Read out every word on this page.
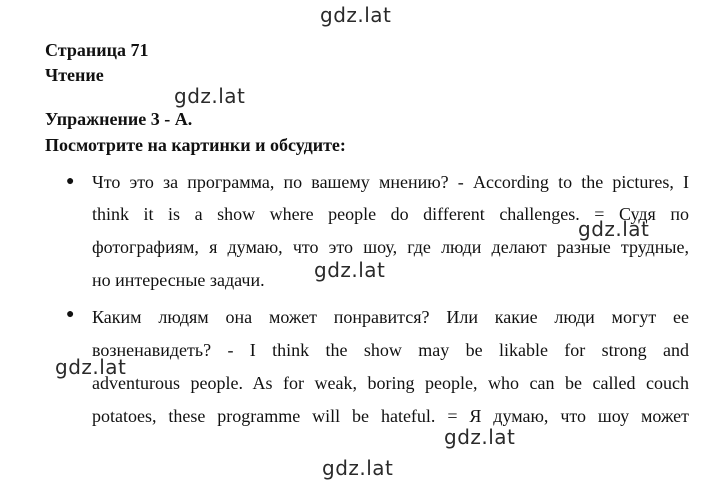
gdz.lat
Страница 71
Чтение
gdz.lat
Упражнение 3 - А.
Посмотрите на картинки и обсудите:
● Что это за программа, по вашему мнению? - According to the pictures, I
think it is a show where people do different challenges. = Судя по
фотографиям, я думаю, что это шоу, где люди делают разные трудные,
но интересные задачи.
● Каким людям она может понравится? Или какие люди могут ее
возненавидеть? - I think the show may be likable for strong and
adventurous people. As for weak, boring people, who can be called couch
potatoes, these programme will be hateful. = Я думаю, что шоу может
gdz.lat
gdz.lat
gdz.lat
gdz.lat
gdz.lat
